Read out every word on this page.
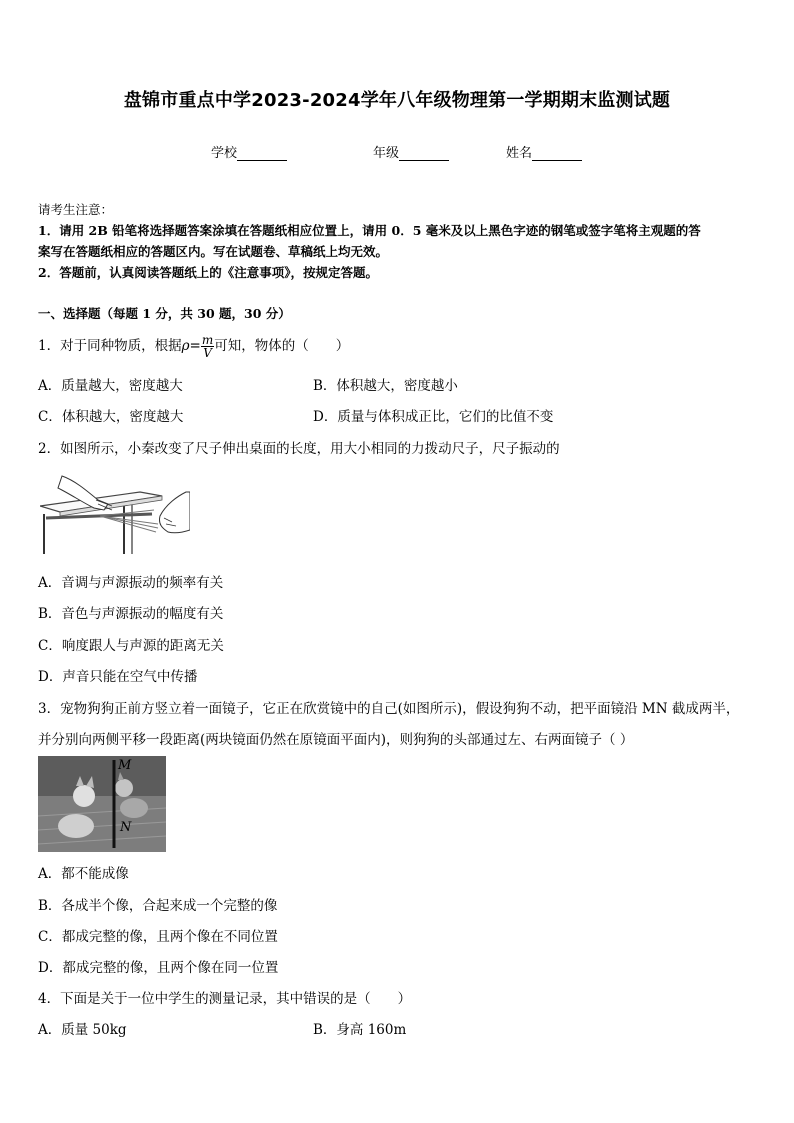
盘锦市重点中学2023-2024学年八年级物理第一学期期末监测试题
学校	年级	姓名
请考生注意：
1．请用 2B 铅笔将选择题答案涂填在答题纸相应位置上，请用 0．5 毫米及以上黑色字迹的钢笔或签字笔将主观题的答
案写在答题纸相应的答题区内。写在试题卷、草稿纸上均无效。
2．答题前，认真阅读答题纸上的《注意事项》，按规定答题。
一、选择题（每题 1 分，共 30 题，30 分）
1．对于同种物质，根据$\rho= \frac{m}{V}$ 可知，物体的（　　）
A．质量越大，密度越大	B．体积越大，密度越小
C．体积越大，密度越大	D．质量与体积成正比，它们的比值不变
2．如图所示，小秦改变了尺子伸出桌面的长度，用大小相同的力拨动尺子，尺子振动的
A．音调与声源振动的频率有关
B．音色与声源振动的幅度有关
C．响度跟人与声源的距离无关
D．声音只能在空气中传播
3．宠物狗狗正前方竖立着一面镜子，它正在欣赏镜中的自己(如图所示)，假设狗狗不动，把平面镜沿 MN 截成两半，
并分别向两侧平移一段距离(两块镜面仍然在原镜面平面内)，则狗狗的头部通过左、右两面镜子（ ）
M
N
A．都不能成像
B．各成半个像，合起来成一个完整的像
C．都成完整的像，且两个像在不同位置
D．都成完整的像，且两个像在同一位置
4．下面是关于一位中学生的测量记录，其中错误的是（　　）
A．质量 50kg	B．身高 160m
